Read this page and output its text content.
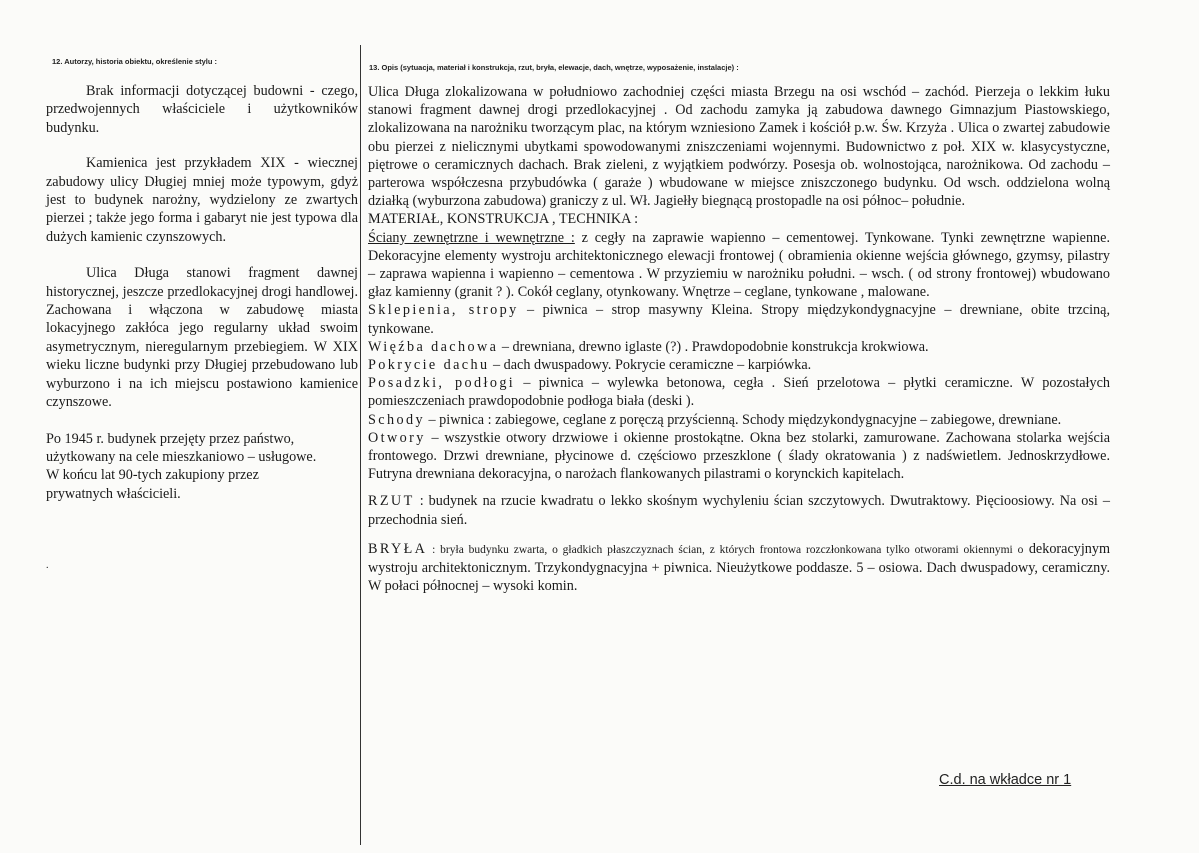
12. Autorzy, historia obiektu, określenie stylu :
13. Opis (sytuacja, materiał i konstrukcja, rzut, bryła, elewacje, dach, wnętrze, wyposażenie, instalacje) :

Brak informacji dotyczącej budowni - czego, przedwojennych właściciele i użytkowników budynku.

Kamienica jest przykładem XIX - wiecznej zabudowy ulicy Długiej mniej może typowym, gdyż jest to budynek narożny, wydzielony ze zwartych pierzei ; także jego forma i gabaryt nie jest typowa dla dużych kamienic czynszowych.

Ulica Długa stanowi fragment dawnej historycznej, jeszcze przedlokacyjnej drogi handlowej. Zachowana i włączona w zabudowę miasta lokacyjnego zakłóca jego regularny układ swoim asymetrycznym, nieregularnym przebiegiem. W XIX wieku liczne budynki przy Długiej przebudowano lub wyburzono i na ich miejscu postawiono kamienice czynszowe.

Po 1945 r. budynek przejęty przez państwo, użytkowany na cele mieszkaniowo – usługowe. W końcu lat 90-tych zakupiony przez prywatnych właścicieli.

.

Ulica Długa zlokalizowana w południowo zachodniej części miasta Brzegu na osi wschód – zachód. Pierzeja o lekkim łuku stanowi fragment dawnej drogi przedlokacyjnej . Od zachodu zamyka ją zabudowa dawnego Gimnazjum Piastowskiego, zlokalizowana na narożniku tworzącym plac, na którym wzniesiono Zamek i kościół p.w. Św. Krzyża . Ulica o zwartej zabudowie obu pierzei z nielicznymi ubytkami spowodowanymi zniszczeniami wojennymi. Budownictwo z poł. XIX w. klasycystyczne, piętrowe o ceramicznych dachach. Brak zieleni, z wyjątkiem podwórzy. Posesja ob. wolnostojąca, narożnikowa. Od zachodu – parterowa współczesna przybudówka ( garaże ) wbudowane w miejsce zniszczonego budynku. Od wsch. oddzielona wolną działką (wyburzona zabudowa) graniczy z ul. Wł. Jagiełły biegnącą prostopadle na osi północ– południe.

MATERIAŁ, KONSTRUKCJA , TECHNIKA :

Ściany zewnętrzne i wewnętrzne : z cegły na zaprawie wapienno – cementowej. Tynkowane. Tynki zewnętrzne wapienne. Dekoracyjne elementy wystroju architektonicznego elewacji frontowej ( obramienia okienne wejścia głównego, gzymsy, pilastry – zaprawa wapienna i wapienno – cementowa . W przyziemiu w narożniku południ. – wsch. ( od strony frontowej) wbudowano głaz kamienny (granit ? ). Cokół ceglany, otynkowany. Wnętrze – ceglane, tynkowane , malowane.

Sklepienia, stropy – piwnica – strop masywny Kleina. Stropy międzykondygnacyjne – drewniane, obite trzciną, tynkowane.

Więźba dachowa – drewniana, drewno iglaste (?) . Prawdopodobnie konstrukcja krokwiowa.

Pokrycie dachu – dach dwuspadowy. Pokrycie ceramiczne – karpiówka.

Posadzki, podłogi – piwnica – wylewka betonowa, cegła . Sień przelotowa – płytki ceramiczne. W pozostałych pomieszczeniach prawdopodobnie podłoga biała (deski ).

Schody – piwnica : zabiegowe, ceglane z poręczą przyścienną. Schody międzykondygnacyjne – zabiegowe, drewniane.

Otwory – wszystkie otwory drzwiowe i okienne prostokątne. Okna bez stolarki, zamurowane. Zachowana stolarka wejścia frontowego. Drzwi drewniane, płycinowe d. częściowo przeszklone ( ślady okratowania ) z nadświetlem. Jednoskrzydłowe. Futryna drewniana dekoracyjna, o narożach flankowanych pilastrami o korynckich kapitelach.

RZUT : budynek na rzucie kwadratu o lekko skośnym wychyleniu ścian szczytowych. Dwutraktowy. Pięcioosiowy. Na osi – przechodnia sień.

BRYŁA : bryła budynku zwarta, o gładkich płaszczyznach ścian, z których frontowa rozczłonkowana tylko otworami okiennymi o dekoracyjnym wystroju architektonicznym. Trzykondygnacyjna + piwnica. Nieużytkowe poddasze. 5 – osiowa. Dach dwuspadowy, ceramiczny. W połaci północnej – wysoki komin.

C.d. na wkładce nr 1
